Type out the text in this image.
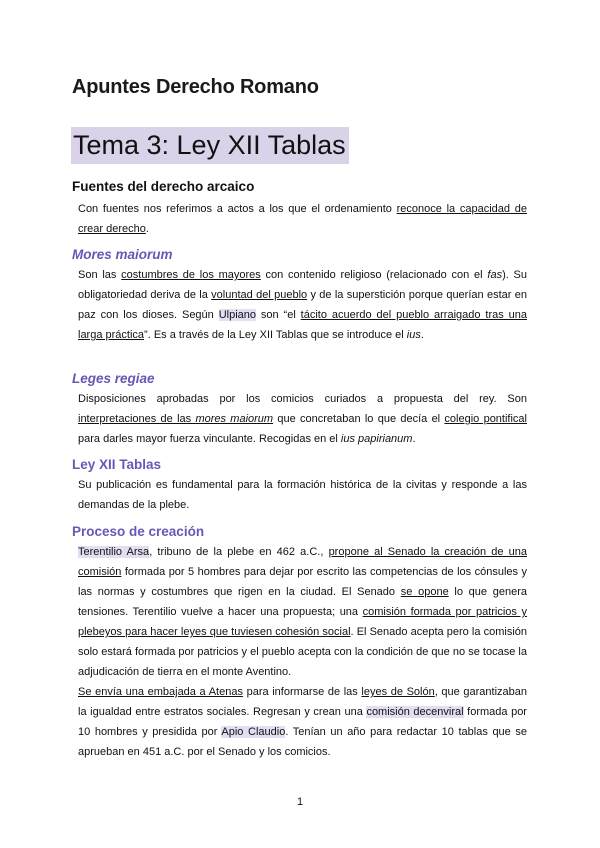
Apuntes Derecho Romano
Tema 3: Ley XII Tablas
Fuentes del derecho arcaico

Con fuentes nos referimos a actos a los que el ordenamiento reconoce la capacidad de crear derecho.

Mores maiorum

Son las costumbres de los mayores con contenido religioso (relacionado con el fas). Su obligatoriedad deriva de la voluntad del pueblo y de la superstición porque querían estar en paz con los dioses. Según Ulpiano son “el tácito acuerdo del pueblo arraigado tras una larga práctica”. Es a través de la Ley XII Tablas que se introduce el ius.

Leges regiae

Disposiciones aprobadas por los comicios curiados a propuesta del rey. Son interpretaciones de las mores maiorum que concretaban lo que decía el colegio pontifical para darles mayor fuerza vinculante. Recogidas en el ius papirianum.

Ley XII Tablas

Su publicación es fundamental para la formación histórica de la civitas y responde a las demandas de la plebe.

Proceso de creación

Terentilio Arsa, tribuno de la plebe en 462 a.C., propone al Senado la creación de una comisión formada por 5 hombres para dejar por escrito las competencias de los cónsules y las normas y costumbres que rigen en la ciudad. El Senado se opone lo que genera tensiones. Terentilio vuelve a hacer una propuesta; una comisión formada por patricios y plebeyos para hacer leyes que tuviesen cohesión social. El Senado acepta pero la comisión solo estará formada por patricios y el pueblo acepta con la condición de que no se tocase la adjudicación de tierra en el monte Aventino.

Se envía una embajada a Atenas para informarse de las leyes de Solón, que garantizaban la igualdad entre estratos sociales. Regresan y crean una comisión decenviral formada por 10 hombres y presidida por Apio Claudio. Tenían un año para redactar 10 tablas que se aprueban en 451 a.C. por el Senado y los comicios.

1
